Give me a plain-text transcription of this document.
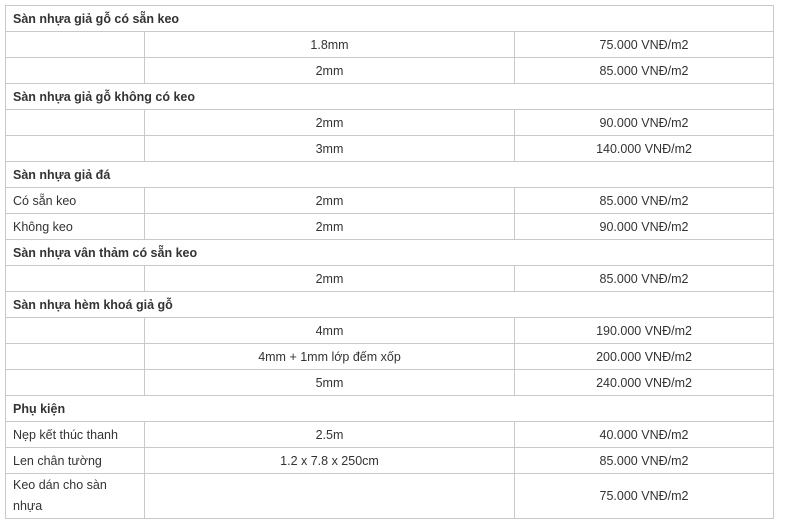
Sàn nhựa giả gỗ có sẵn keo		
	1.8mm	75.000 VNĐ/m2
	2mm	85.000 VNĐ/m2
Sàn nhựa giả gỗ không có keo		
	2mm	90.000 VNĐ/m2
	3mm	140.000 VNĐ/m2
Sàn nhựa giả đá		
Có sẵn keo	2mm	85.000 VNĐ/m2
Không keo	2mm	90.000 VNĐ/m2
Sàn nhựa vân thảm có sẵn keo		
	2mm	85.000 VNĐ/m2
Sàn nhựa hèm khoá giả gỗ		
	4mm	190.000 VNĐ/m2
	4mm + 1mm lớp đếm xốp	200.000 VNĐ/m2
	5mm	240.000 VNĐ/m2
Phụ kiện		
Nẹp kết thúc thanh	2.5m	40.000 VNĐ/m2
Len chân tường	1.2 x 7.8 x 250cm	85.000 VNĐ/m2
Keo dán cho sàn nhựa		75.000 VNĐ/m2
